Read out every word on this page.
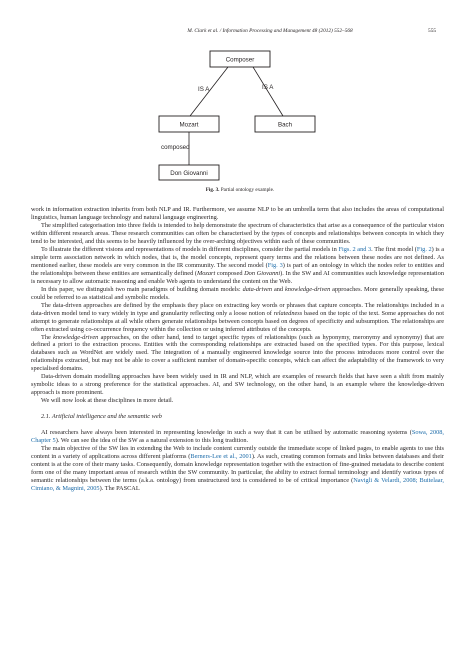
M. Clark et al. / Information Processing and Management 48 (2012) 552–568	555
Composer
Mozart	Bach
Don Giovanni
IS A	IS A
composed
Fig. 3. Partial ontology example.

work in information extraction inherits from both NLP and IR. Furthermore, we assume NLP to be an umbrella term that also includes the areas of computational linguistics, human language technology and natural language engineering.

The simplified categorisation into three fields is intended to help demonstrate the spectrum of characteristics that arise as a consequence of the particular vision within different research areas. These research communities can often be characterised by the types of concepts and relationships between concepts in which they tend to be interested, and this seems to be heavily influenced by the over-arching objectives within each of these communities.

To illustrate the different visions and representations of models in different disciplines, consider the partial models in Figs. 2 and 3. The first model (Fig. 2) is a simple term association network in which nodes, that is, the model concepts, represent query terms and the relations between these nodes are not defined. As mentioned earlier, these models are very common in the IR community. The second model (Fig. 3) is part of an ontology in which the nodes refer to entities and the relationships between these entities are semantically defined (Mozart composed Don Giovanni). In the SW and AI communities such knowledge representation is necessary to allow automatic reasoning and enable Web agents to understand the content on the Web.

In this paper, we distinguish two main paradigms of building domain models: data-driven and knowledge-driven approaches. More generally speaking, these could be referred to as statistical and symbolic models.

The data-driven approaches are defined by the emphasis they place on extracting key words or phrases that capture concepts. The relationships included in a data-driven model tend to vary widely in type and granularity reflecting only a loose notion of relatedness based on the topic of the text. Some approaches do not attempt to generate relationships at all while others generate relationships between concepts based on degrees of specificity and subsumption. The relationships are often extracted using co-occurrence frequency within the collection or using inferred attributes of the concepts.

The knowledge-driven approaches, on the other hand, tend to target specific types of relationships (such as hyponymy, meronymy and synonymy) that are defined a priori to the extraction process. Entities with the corresponding relationships are extracted based on the specified types. For this purpose, lexical databases such as WordNet are widely used. The integration of a manually engineered knowledge source into the process introduces more control over the relationships extracted, but may not be able to cover a sufficient number of domain-specific concepts, which can affect the adaptability of the framework to very specialised domains.

Data-driven domain modelling approaches have been widely used in IR and NLP, which are examples of research fields that have seen a shift from mainly symbolic ideas to a strong preference for the statistical approaches. AI, and SW technology, on the other hand, is an example where the knowledge-driven approach is more prominent.

We will now look at these disciplines in more detail.

2.1. Artificial intelligence and the semantic web

AI researchers have always been interested in representing knowledge in such a way that it can be utilised by automatic reasoning systems (Sowa, 2008, Chapter 5). We can see the idea of the SW as a natural extension to this long tradition.

The main objective of the SW lies in extending the Web to include content currently outside the immediate scope of linked pages, to enable agents to use this content in a variety of applications across different platforms (Berners-Lee et al., 2001). As such, creating common formats and links between databases and their content is at the core of their many tasks. Consequently, domain knowledge representation together with the extraction of fine-grained metadata to describe content form one of the many important areas of research within the SW community. In particular, the ability to extract formal terminology and identify various types of semantic relationships between the terms (a.k.a. ontology) from unstructured text is considered to be of critical importance (Navigli & Velardi, 2008; Buitelaar, Cimiano, & Magnini, 2005). The PASCAL
